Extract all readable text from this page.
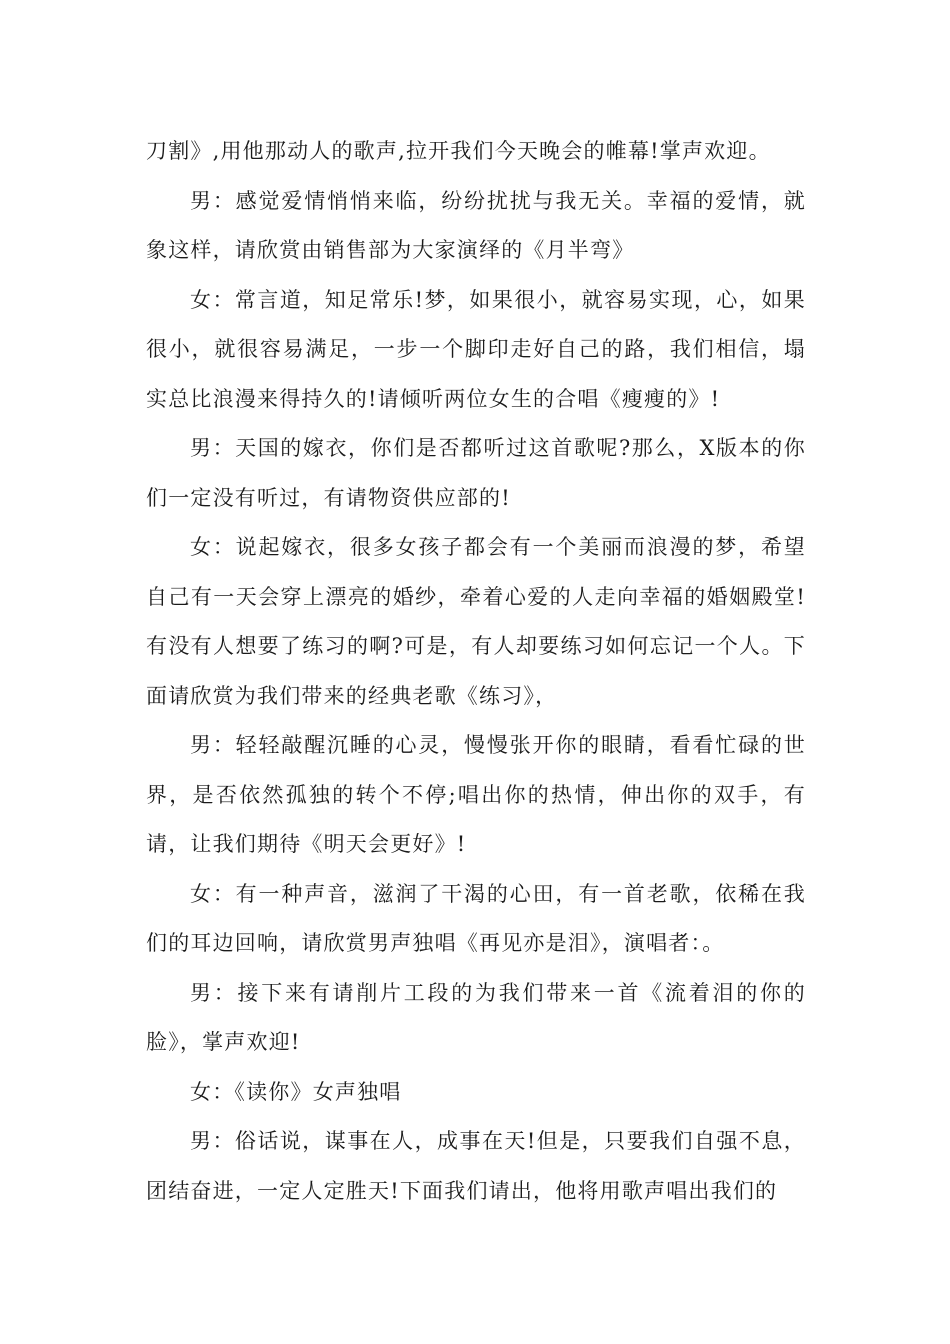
刀割》,用他那动人的歌声,拉开我们今天晚会的帷幕!掌声欢迎。

男：感觉爱情悄悄来临，纷纷扰扰与我无关。幸福的爱情，就象这样，请欣赏由销售部为大家演绎的《月半弯》

女：常言道，知足常乐!梦，如果很小，就容易实现，心，如果很小，就很容易满足，一步一个脚印走好自己的路，我们相信，塌实总比浪漫来得持久的!请倾听两位女生的合唱《瘦瘦的》!

男：天国的嫁衣，你们是否都听过这首歌呢?那么，X版本的你们一定没有听过，有请物资供应部的!

女：说起嫁衣，很多女孩子都会有一个美丽而浪漫的梦，希望自己有一天会穿上漂亮的婚纱，牵着心爱的人走向幸福的婚姻殿堂!有没有人想要了练习的啊?可是，有人却要练习如何忘记一个人。下面请欣赏为我们带来的经典老歌《练习》，

男：轻轻敲醒沉睡的心灵，慢慢张开你的眼睛，看看忙碌的世界，是否依然孤独的转个不停;唱出你的热情，伸出你的双手，有请，让我们期待《明天会更好》!

女：有一种声音，滋润了干渴的心田，有一首老歌，依稀在我们的耳边回响，请欣赏男声独唱《再见亦是泪》，演唱者：。

男：接下来有请削片工段的为我们带来一首《流着泪的你的脸》，掌声欢迎!

女：《读你》女声独唱

男：俗话说，谋事在人，成事在天!但是，只要我们自强不息，团结奋进，一定人定胜天!下面我们请出，他将用歌声唱出我们的
